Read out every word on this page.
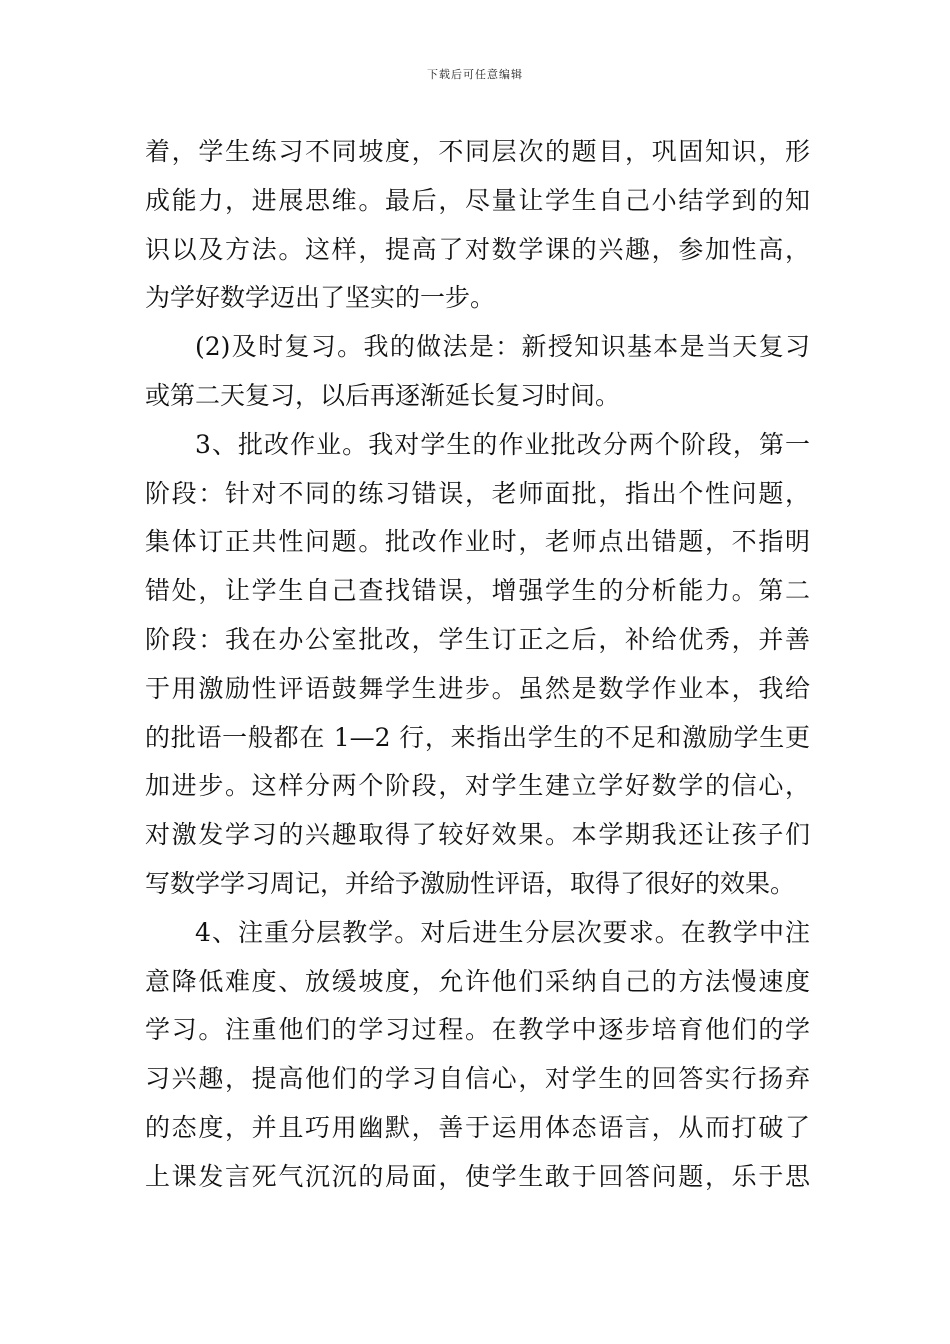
下载后可任意编辑
着，学生练习不同坡度，不同层次的题目，巩固知识，形
成能力，进展思维。最后，尽量让学生自己小结学到的知
识以及方法。这样，提高了对数学课的兴趣，参加性高，
为学好数学迈出了坚实的一步。
(2)及时复习。我的做法是：新授知识基本是当天复习
或第二天复习，以后再逐渐延长复习时间。
3、批改作业。我对学生的作业批改分两个阶段，第一
阶段：针对不同的练习错误，老师面批，指出个性问题，
集体订正共性问题。批改作业时，老师点出错题，不指明
错处，让学生自己查找错误，增强学生的分析能力。第二
阶段：我在办公室批改，学生订正之后，补给优秀，并善
于用激励性评语鼓舞学生进步。虽然是数学作业本，我给
的批语一般都在 1—2 行，来指出学生的不足和激励学生更
加进步。这样分两个阶段，对学生建立学好数学的信心，
对激发学习的兴趣取得了较好效果。本学期我还让孩子们
写数学学习周记，并给予激励性评语，取得了很好的效果。
4、注重分层教学。对后进生分层次要求。在教学中注
意降低难度、放缓坡度，允许他们采纳自己的方法慢速度
学习。注重他们的学习过程。在教学中逐步培育他们的学
习兴趣，提高他们的学习自信心，对学生的回答实行扬弃
的态度，并且巧用幽默，善于运用体态语言，从而打破了
上课发言死气沉沉的局面，使学生敢于回答问题，乐于思
